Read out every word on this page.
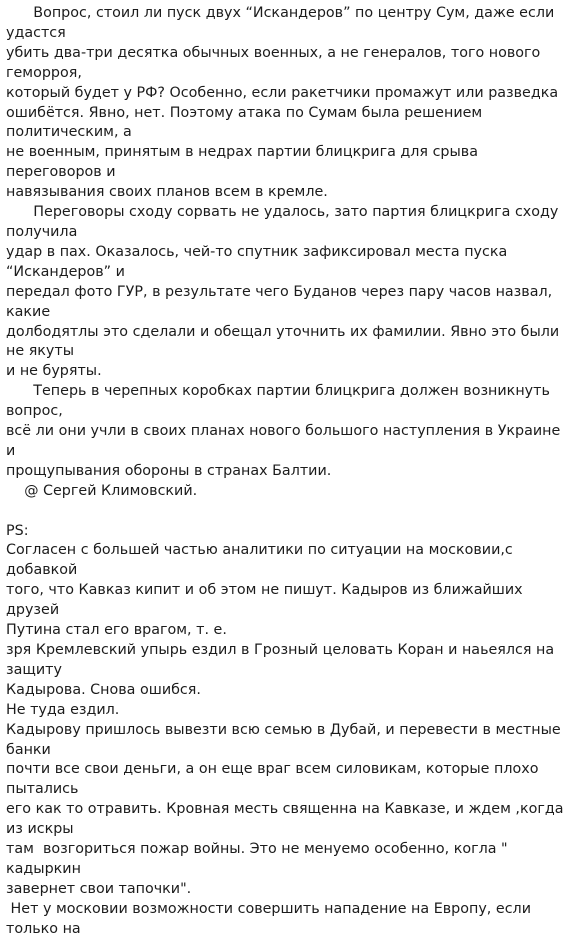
Вопрос, стоил ли пуск двух “Искандеров” по центру Сум, даже если удастся
убить два-три десятка обычных военных, а не генералов, того нового геморроя,
который будет у РФ? Особенно, если ракетчики промажут или разведка
ошибётся. Явно, нет. Поэтому атака по Сумам была решением политическим, а
не военным, принятым в недрах партии блицкрига для срыва переговоров и
навязывания своих планов всем в кремле.

Переговоры сходу сорвать не удалось, зато партия блицкрига сходу получила
удар в пах. Оказалось, чей-то спутник зафиксировал места пуска “Искандеров” и
передал фото ГУР, в результате чего Буданов через пару часов назвал, какие
долбодятлы это сделали и обещал уточнить их фамилии. Явно это были не якуты
и не буряты.

Теперь в черепных коробках партии блицкрига должен возникнуть вопрос,
всё ли они учли в своих планах нового большого наступления в Украине и
прощупывания обороны в странах Балтии.

@ Сергей Климовский.

PS:

Согласен с большей частью аналитики по ситуации на московии,с добавкой
того, что Кавказ кипит и об этом не пишут. Кадыров из ближайших друзей
Путина стал его врагом, т. е.

зря Кремлевский упырь ездил в Грозный целовать Коран и наьеялся на защиту
Кадырова. Снова ошибся.

Не туда ездил.

Кадырову пришлось вывезти всю семью в Дубай, и перевести в местные банки
почти все свои деньги, а он еще враг всем силовикам, которые плохо пытались
его как то отравить. Кровная месть священна на Кавказе, и ждем ,когда из искры
там  возгориться пожар войны. Это не менуемо особенно, когла " кадыркин
завернет свои тапочки".

Нет у московии возможности совершить нападение на Европу, если только на
